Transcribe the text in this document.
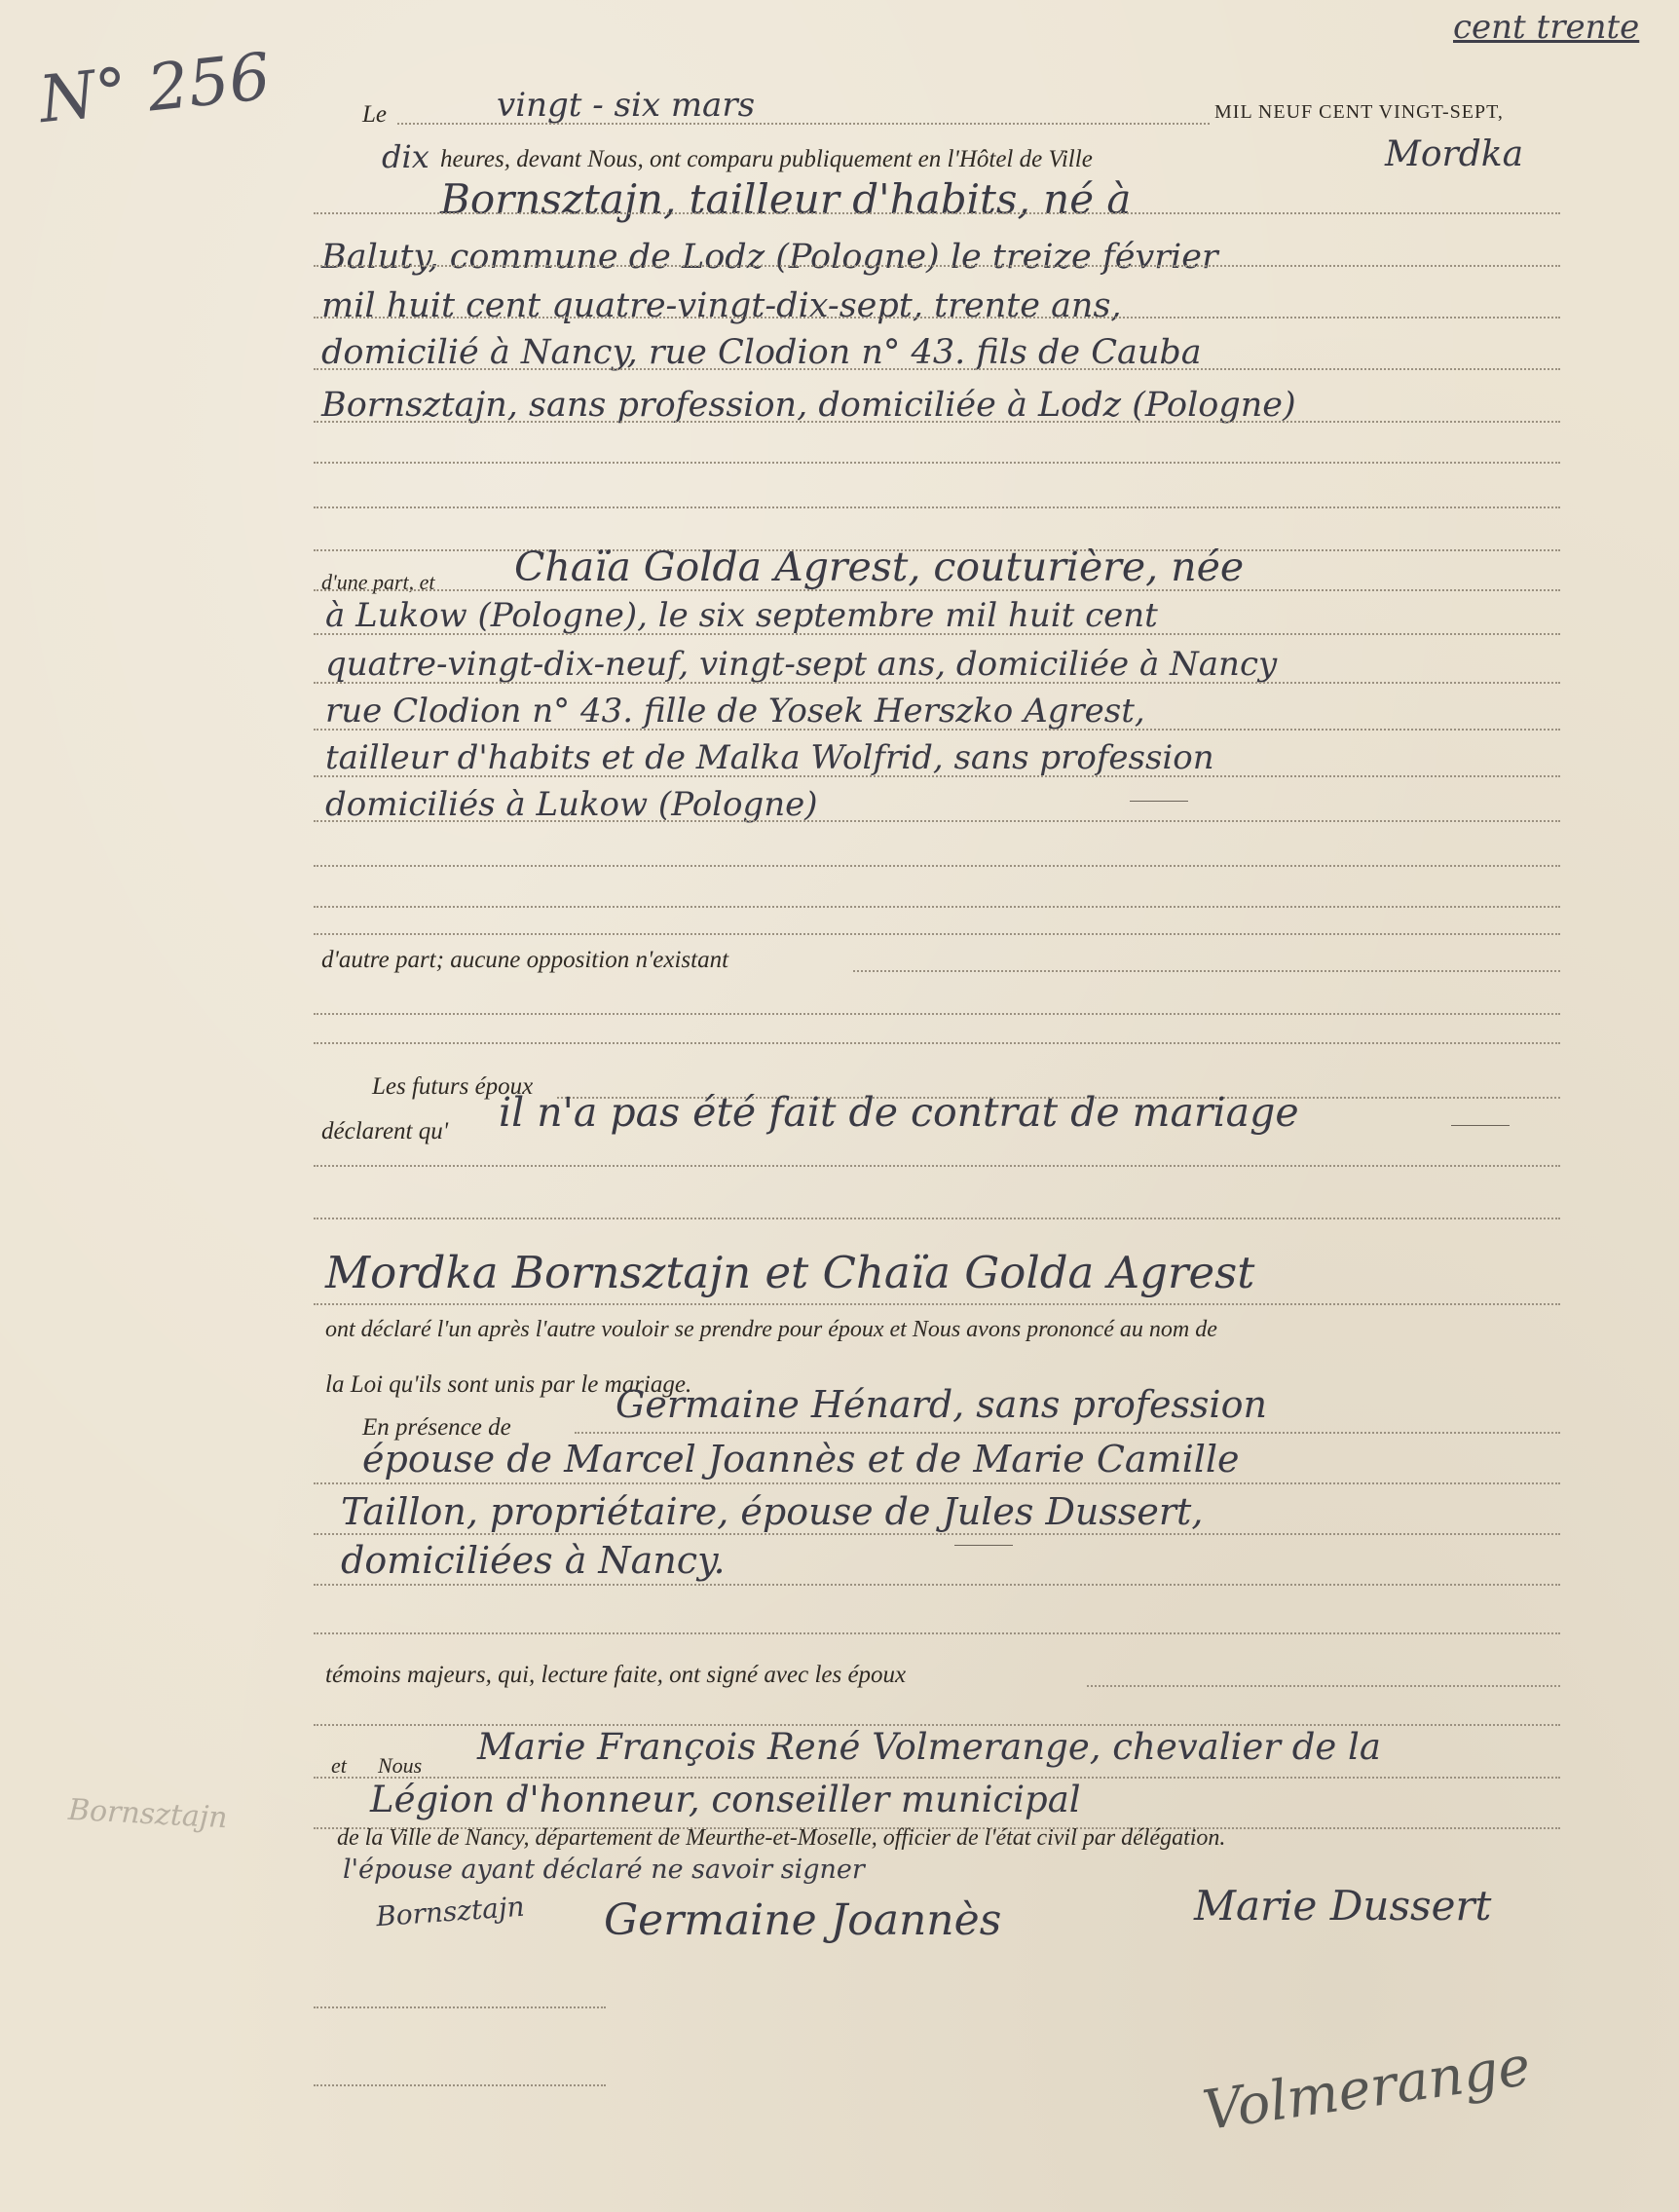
N° 256
cent trente
Bornsztajn
Le	vingt - six mars	MIL NEUF CENT VINGT-SEPT,
dix heures, devant Nous, ont comparu publiquement en l'Hôtel de Ville	Mordka
Bornsztajn, tailleur d'habits, né à
Baluty, commune de Lodz (Pologne) le treize février
mil huit cent quatre-vingt-dix-sept, trente ans,
domicilié à Nancy, rue Clodion n° 43. fils de Cauba
Bornsztajn, sans profession, domiciliée à Lodz (Pologne)
d'une part, et Chaïa Golda Agrest, couturière, née
à Lukow (Pologne), le six septembre mil huit cent
quatre-vingt-dix-neuf, vingt-sept ans, domiciliée à Nancy
rue Clodion n° 43. fille de Yosek Herszko Agrest,
tailleur d'habits et de Malka Wolfrid, sans profession
domiciliés à Lukow (Pologne)
d'autre part; aucune opposition n'existant
Les futurs époux
déclarent qu' il n'a pas été fait de contrat de mariage
Mordka Bornsztajn et Chaïa Golda Agrest
ont déclaré l'un après l'autre vouloir se prendre pour époux et Nous avons prononcé au nom de
la Loi qu'ils sont unis par le mariage.
En présence de
Germaine Hénard, sans profession
épouse de Marcel Joannès et de Marie Camille
Taillon, propriétaire, épouse de Jules Dussert,
domiciliées à Nancy.
témoins majeurs, qui, lecture faite, ont signé avec les époux
et Nous Marie François René Volmerange, chevalier de la
Légion d'honneur, conseiller municipal
de la Ville de Nancy, département de Meurthe-et-Moselle, officier de l'état civil par délégation.
l'épouse ayant déclaré ne savoir signer
Bornsztajn Germaine Joannès	Marie Dussert
Volmerange
